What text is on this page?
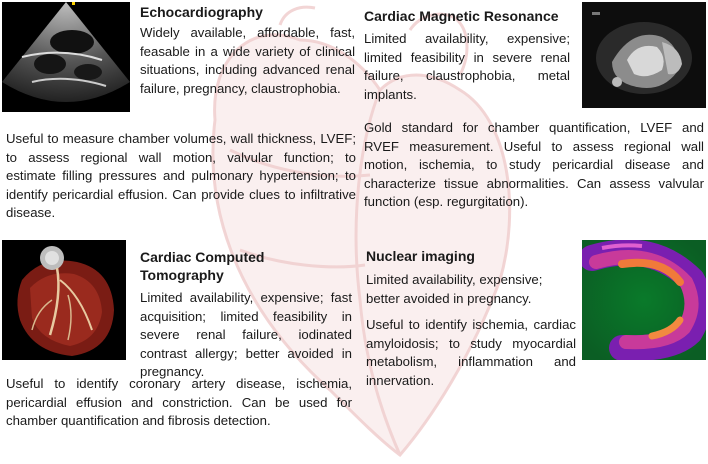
Echocardiography

Widely available, affordable, fast, feasable in a wide variety of clinical situations, including advanced renal failure, pregnancy, claustrophobia.

Useful to measure chamber volumes, wall thickness, LVEF; to assess regional wall motion, valvular function; to estimate filling pressures and pulmonary hypertension; to identify pericardial effusion. Can provide clues to infiltrative disease.

Cardiac Magnetic Resonance

Limited availability, expensive; limited feasibility in severe renal failure, claustrophobia, metal implants.

Gold standard for chamber quantification, LVEF and RVEF measurement. Useful to assess regional wall motion, ischemia, to study pericardial disease and characterize tissue abnormalities. Can assess valvular function (esp. regurgitation).

Cardiac Computed Tomography

Limited availability, expensive; fast acquisition; limited feasibility in severe renal failure, iodinated contrast allergy; better avoided in pregnancy.

Useful to identify coronary artery disease, ischemia, pericardial effusion and constriction. Can be used for chamber quantification and fibrosis detection.

Nuclear imaging

Limited availability, expensive; better avoided in pregnancy.

Useful to identify ischemia, cardiac amyloidosis; to study myocardial metabolism, inflammation and innervation.
